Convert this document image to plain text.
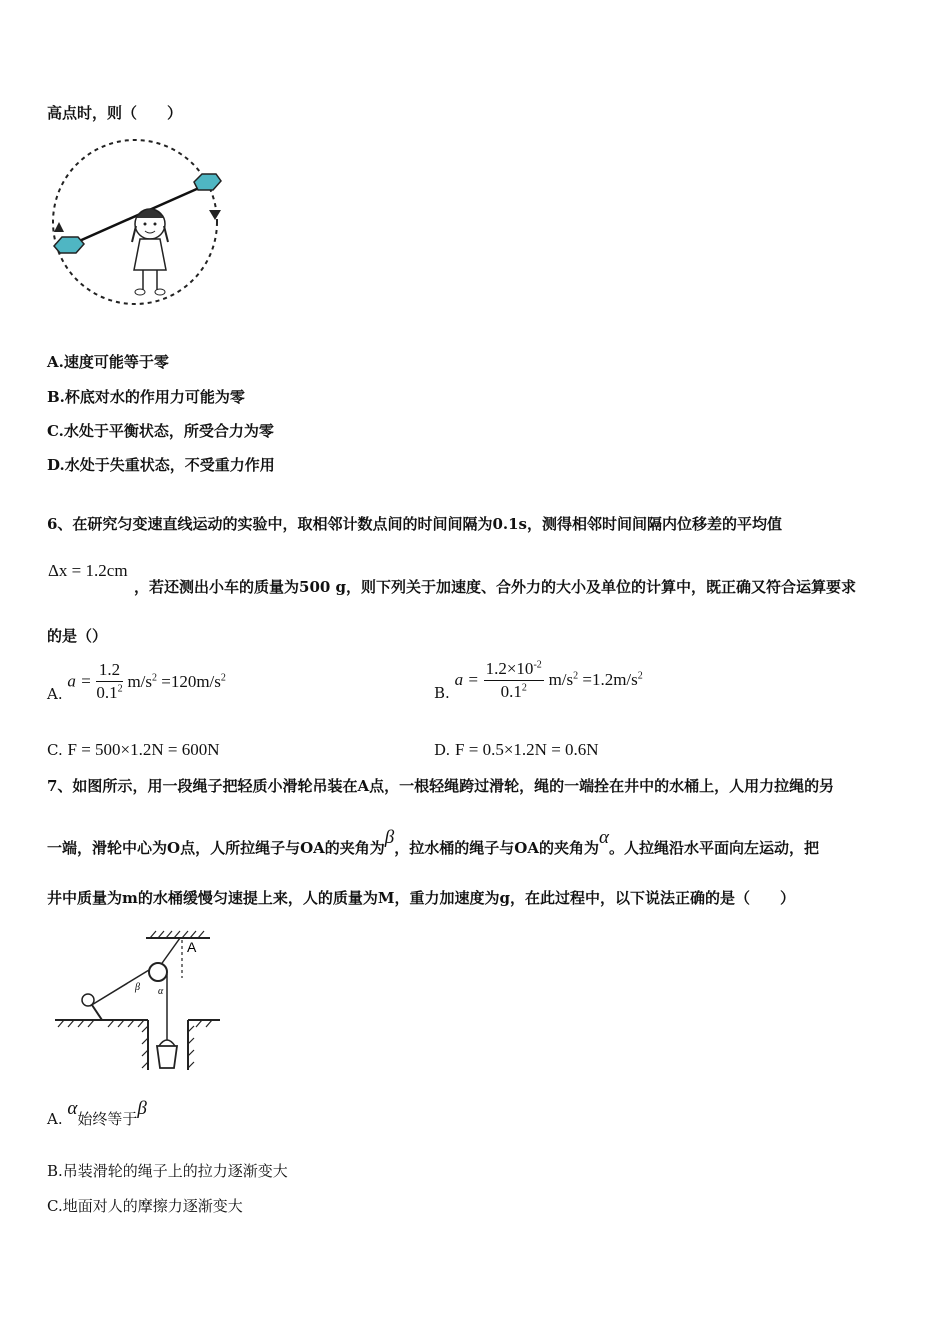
高点时，则（　　）
A.速度可能等于零
B.杯底对水的作用力可能为零
C.水处于平衡状态，所受合力为零
D.水处于失重状态，不受重力作用
6、在研究匀变速直线运动的实验中，取相邻计数点间的时间间隔为0.1s，测得相邻时间间隔内位移差的平均值
Δx = 1.2cm
，若还测出小车的质量为500 g，则下列关于加速度、合外力的大小及单位的计算中，既正确又符合运算要求
的是（）
A. $a = \frac{1.2}{0.1^2} m/s^2 =120m/s^2$
B. $a = \frac{1.2\times 10^{-2}}{0.1^2} m/s^2 =1.2m/s^2$
C. F = 500×1.2N = 600N	D. F = 0.5×1.2N = 0.6N
7、如图所示，用一段绳子把轻质小滑轮吊装在A点，一根轻绳跨过滑轮，绳的一端拴在井中的水桶上，人用力拉绳的另
一端，滑轮中心为O点，人所拉绳子与OA的夹角为β，拉水桶的绳子与OA的夹角为α。人拉绳沿水平面向左运动，把
井中质量为m的水桶缓慢匀速提上来，人的质量为M，重力加速度为g，在此过程中，以下说法正确的是（　　）
A
β α
A. α始终等于β
B.吊装滑轮的绳子上的拉力逐渐变大
C.地面对人的摩擦力逐渐变大
